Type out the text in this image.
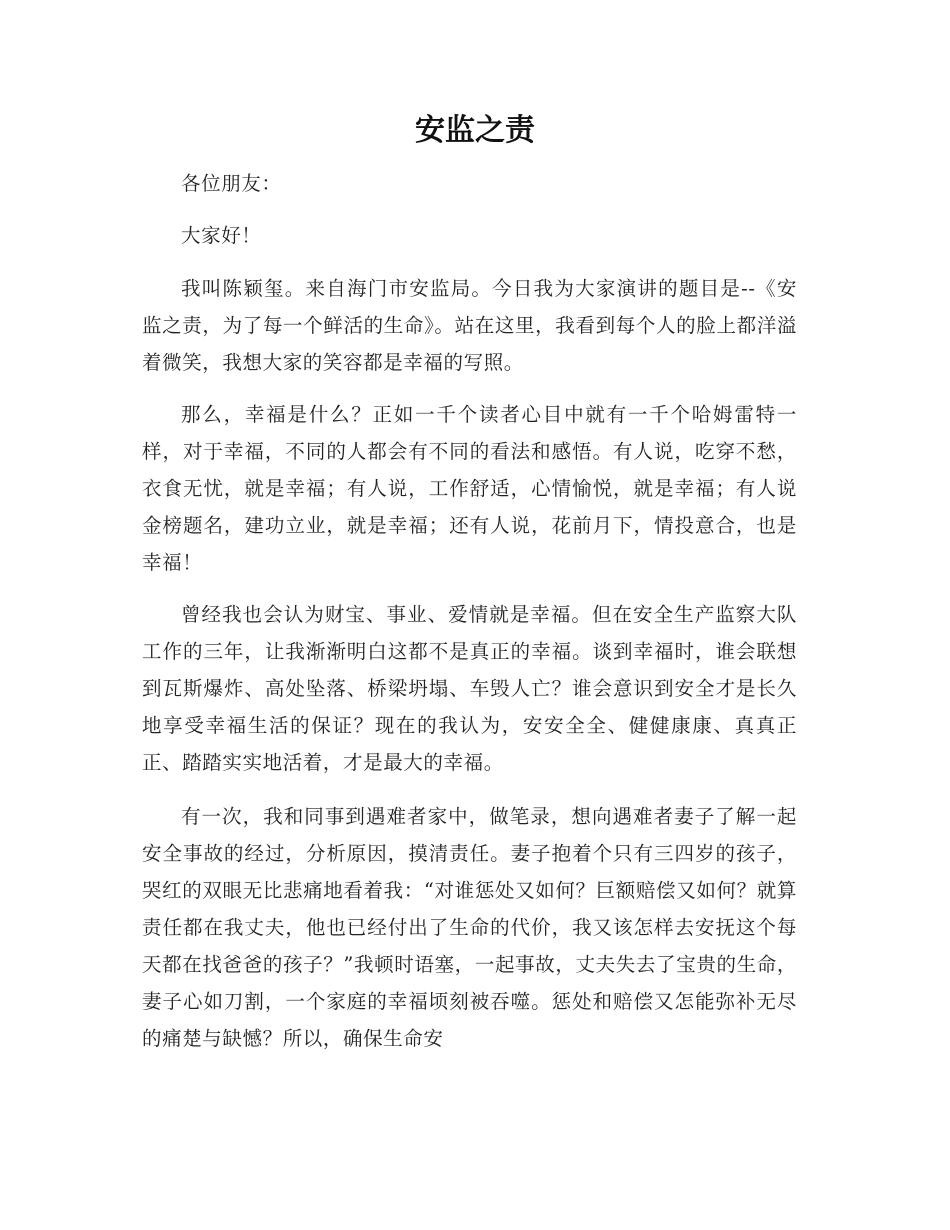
安监之责

各位朋友：

大家好！

我叫陈颖玺。来自海门市安监局。今日我为大家演讲的题目是--《安监之责，为了每一个鲜活的生命》。站在这里，我看到每个人的脸上都洋溢着微笑，我想大家的笑容都是幸福的写照。

那么，幸福是什么？正如一千个读者心目中就有一千个哈姆雷特一样，对于幸福，不同的人都会有不同的看法和感悟。有人说，吃穿不愁，衣食无忧，就是幸福；有人说，工作舒适，心情愉悦，就是幸福；有人说金榜题名，建功立业，就是幸福；还有人说，花前月下，情投意合，也是幸福！

曾经我也会认为财宝、事业、爱情就是幸福。但在安全生产监察大队工作的三年，让我渐渐明白这都不是真正的幸福。谈到幸福时，谁会联想到瓦斯爆炸、高处坠落、桥梁坍塌、车毁人亡？谁会意识到安全才是长久地享受幸福生活的保证？现在的我认为，安安全全、健健康康、真真正正、踏踏实实地活着，才是最大的幸福。

有一次，我和同事到遇难者家中，做笔录，想向遇难者妻子了解一起安全事故的经过，分析原因，摸清责任。妻子抱着个只有三四岁的孩子，哭红的双眼无比悲痛地看着我：“对谁惩处又如何？巨额赔偿又如何？就算责任都在我丈夫，他也已经付出了生命的代价，我又该怎样去安抚这个每天都在找爸爸的孩子？”我顿时语塞，一起事故，丈夫失去了宝贵的生命，妻子心如刀割，一个家庭的幸福顷刻被吞噬。惩处和赔偿又怎能弥补无尽的痛楚与缺憾？所以，确保生命安
